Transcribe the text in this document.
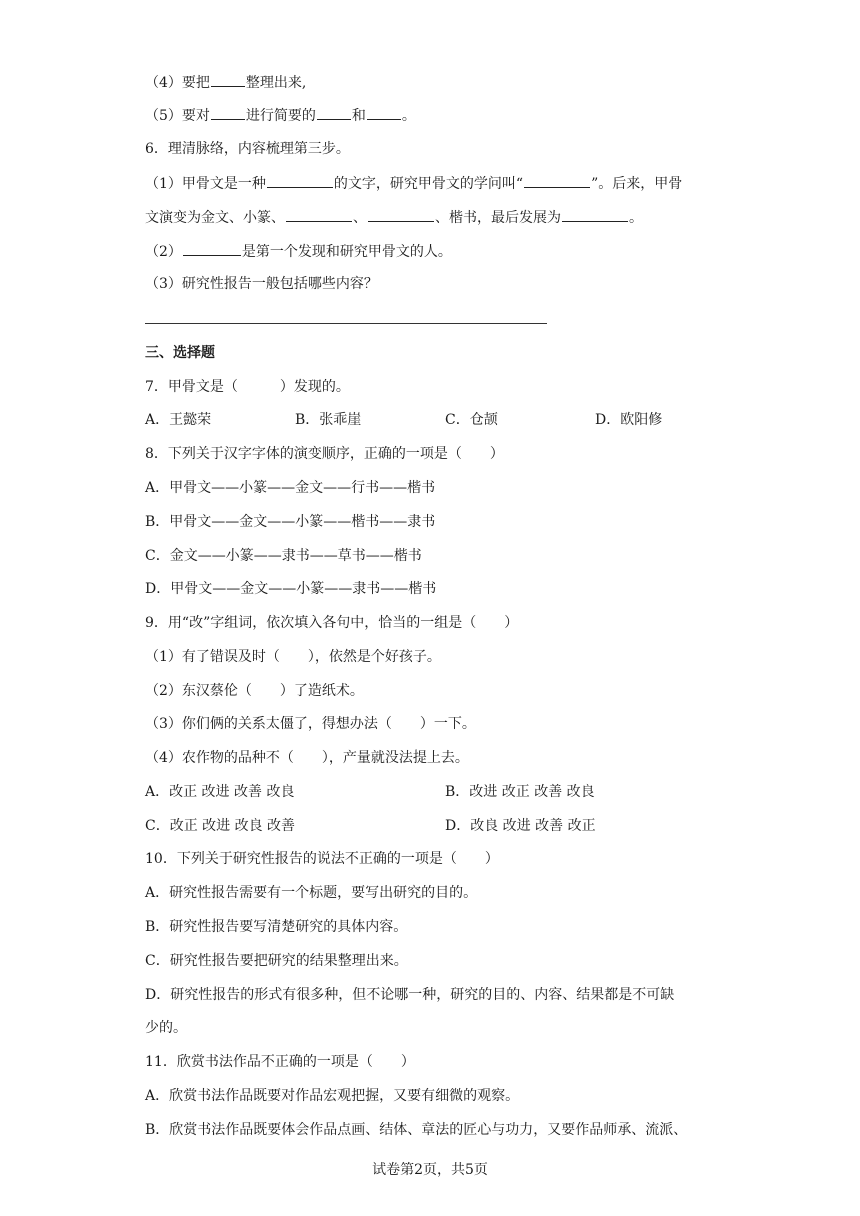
（4）要把	整理出来,
（5）要对	进行简要的	和	。
6．理清脉络，内容梳理第三步。
（1）甲骨文是一种	的文字，研究甲骨文的学问叫“	”。后来，甲骨
文演变为金文、小篆、	、	、楷书，最后发展为	。
（2）	是第一个发现和研究甲骨文的人。
（3）研究性报告一般包括哪些内容？
三、选择题
7．甲骨文是（　　　）发现的。
A．王懿荣	B．张乖崖	C．仓颉	D．欧阳修
8．下列关于汉字字体的演变顺序，正确的一项是（　　）
A．甲骨文——小篆——金文——行书——楷书
B．甲骨文——金文——小篆——楷书——隶书
C．金文——小篆——隶书——草书——楷书
D．甲骨文——金文——小篆——隶书——楷书
9．用“改”字组词，依次填入各句中，恰当的一组是（　　）
（1）有了错误及时（　　），依然是个好孩子。
（2）东汉蔡伦（　　）了造纸术。
（3）你们俩的关系太僵了，得想办法（　　）一下。
（4）农作物的品种不（　　），产量就没法提上去。
A．改正 改进 改善 改良	B．改进 改正 改善 改良
C．改正 改进 改良 改善	D．改良 改进 改善 改正
10．下列关于研究性报告的说法不正确的一项是（　　）
A．研究性报告需要有一个标题，要写出研究的目的。
B．研究性报告要写清楚研究的具体内容。
C．研究性报告要把研究的结果整理出来。
D．研究性报告的形式有很多种，但不论哪一种，研究的目的、内容、结果都是不可缺
少的。
11．欣赏书法作品不正确的一项是（　　）
A．欣赏书法作品既要对作品宏观把握，又要有细微的观察。
B．欣赏书法作品既要体会作品点画、结体、章法的匠心与功力，又要作品师承、流派、
试卷第2页，共5页
